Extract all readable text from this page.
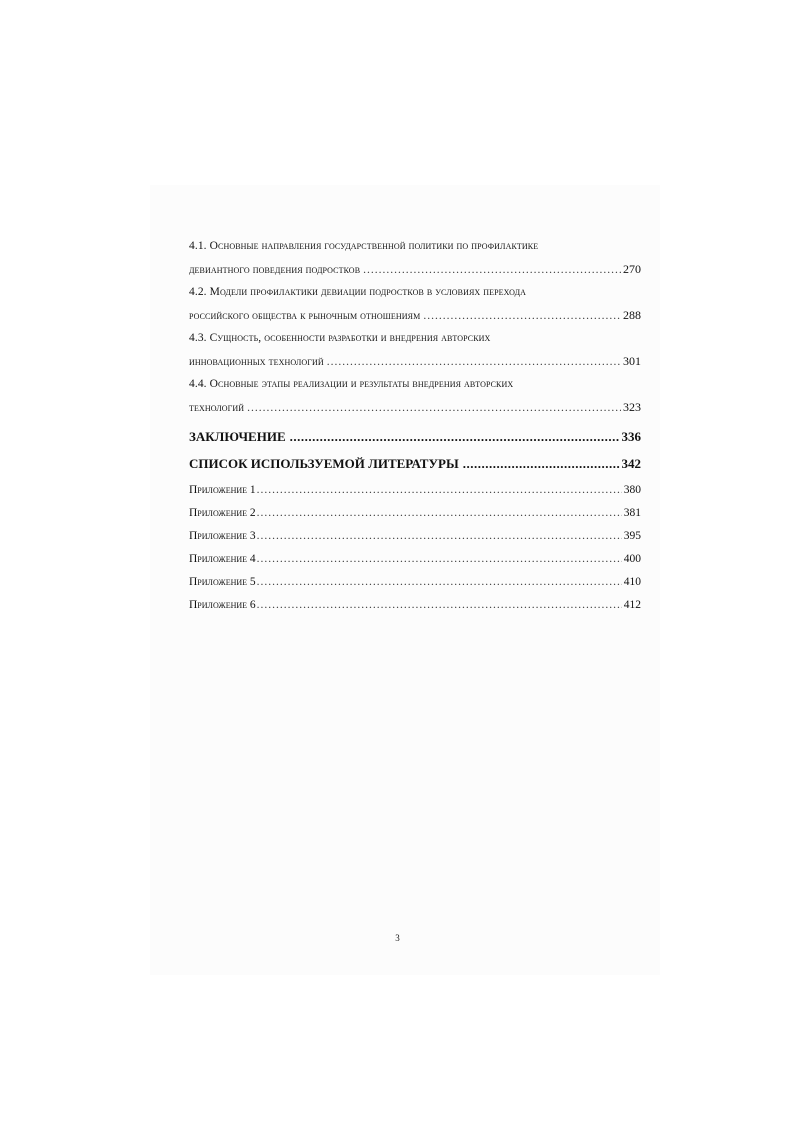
4.1. Основные направления государственной политики по профилактике
девиантного поведения подростков .....	270
4.2. Модели профилактики девиации подростков в условиях перехода
российского общества к рыночным отношениям .....	288
4.3. Сущность, особенности разработки и внедрения авторских
инновационных технологий .....	301
4.4. Основные этапы реализации и результаты внедрения авторских
технологий .....	323
ЗАКЛЮЧЕНИЕ .....	336
СПИСОК ИСПОЛЬЗУЕМОЙ ЛИТЕРАТУРЫ .....	342
Приложение 1 .....	380
Приложение 2 .....	381
Приложение 3 .....	395
Приложение 4 .....	400
Приложение 5 .....	410
Приложение 6 .....	412
3
